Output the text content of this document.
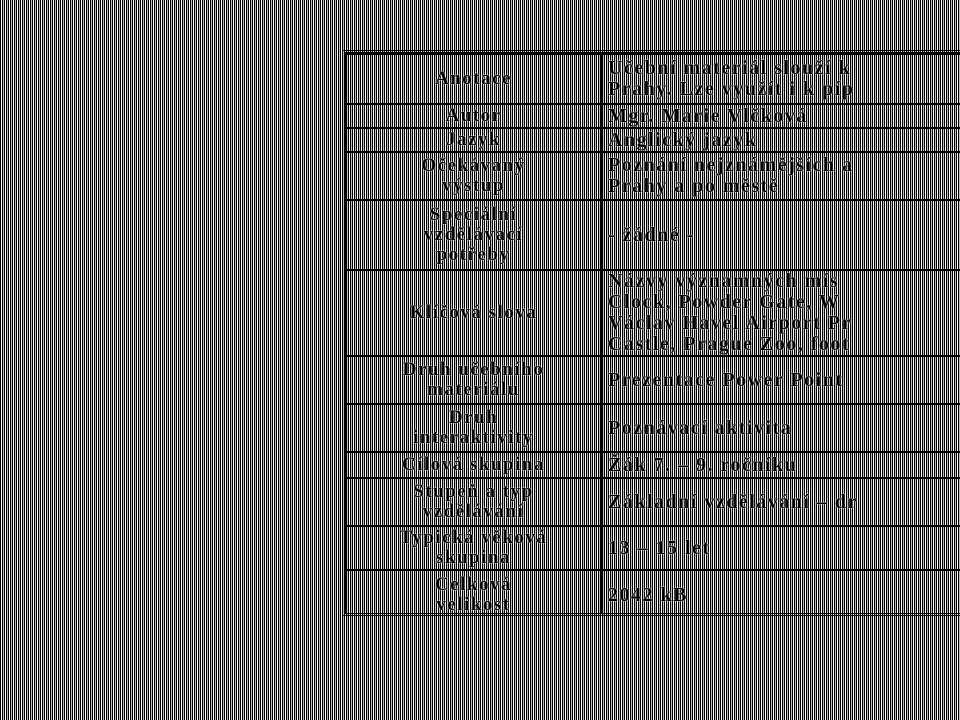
Anotace	Učební materiál slouží k
Prahy. Lze využít i k píp

Autor	Mgr. Marie Vlčková

Jazyk	Anglický jazyk

Očekávaný
výstup	Poznání nejznámějších a
Prahy a po městě

Speciální
vzdělávací
potřeby	- žádné -

Klíčová slova	Názvy významných mís
Clock, Powder Gate, W
Václav Havel Airport Pr
Castle, Prague Zoo, foot

Druh učebního
materiálu	Prezentace Power Point

Druh
interaktivity	Poznávací aktivita

Cílová skupina	Žák 7. – 9. ročníku

Stupeň a typ
vzdělávání	Základní vzdělávání – dr

Typická věková
skupina	13 – 15 let

Celková
velikost	2042 kB
